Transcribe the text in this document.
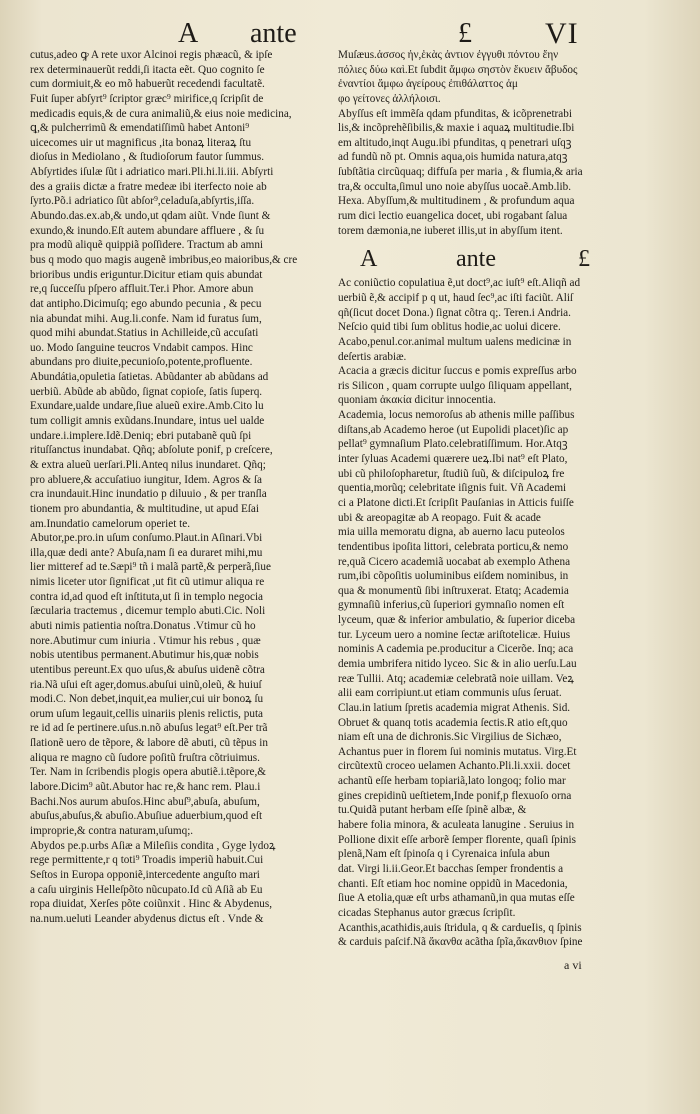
A ante	£ VI
cutus,adeo ꝙ A rete uxor Alcinoi regis phæacũ, & ipſe
rex determinauerũt reddi,ſi itacta eẽt. Quo cognito ſe
cum dormiuit,& eo mõ habuerũt recedendi facultatẽ.
Fuit ſuper abſyrt⁹ ſcriptor græc⁹ mirifice,q ſcripſit de
medicadis equis,& de cura animaliũ,& eius noie medicina,
ꝗ,& pulcherrimũ & emendatiſſimũ habet Antoni⁹
uicecomes uir ut magnificus ,ita bonaꝝ literaꝝ ſtu
dioſus in Mediolano , & ſtudioſorum fautor ſummus.
Abſyrtides iſulæ ſũt i adriatico mari.Pli.hi.li.iii. Abſyrti
des a graiis dictæ a fratre medeæ ibi iterfecto noie ab
ſyrto.Põ.i adriatico ſũt abſor⁹,celaduſa,abſyrtis,iſſa.
Abundo.das.ex.ab,& undo,ut qdam aiũt. Vnde ſiunt &
exundo,& inundo.Eſt autem abundare affluere , & ſu
pra modũ aliquẽ quippiã poſſidere. Tractum ab amni
bus q modo quo magis augenẽ imbribus,eo maioribus,& cre
brioribus undis eriguntur.Dicitur etiam quis abundat
re,q ſucceſſu pſpero affluit.Ter.i Phor. Amore abun
dat antipho.Dicimuſq; ego abundo pecunia , & pecu
nia abundat mihi. Aug.li.confe. Nam id furatus ſum,
quod mihi abundat.Statius in Achilleide,cũ accuſati
uo. Modo ſanguine teucros Vndabit campos. Hinc
abundans pro diuite,pecunioſo,potente,profluente.
Abundátia,opuletia ſatietas. Abũdanter ab abũdans ad
uerbiũ. Abũde ab abũdo, ſignat copioſe, ſatis ſuperq.
Exundare,ualde undare,ſiue alueũ exire.Amb.Cito lu
tum colligit amnis exũdans.Inundare, intus uel ualde
undare.i.implere.Idẽ.Deniq; ebri putabanẽ quũ ſpi
rituſſanctus inundabat. Qñq; abſolute ponif, p creſcere,
& extra alueũ uerſari.Pli.Anteq nilus inundaret. Qñq;
pro abluere,& accuſatiuo iungitur, Idem. Agros & ſa
cra inundauit.Hinc inundatio p diluuio , & per tranſla
tionem pro abundantia, & multitudine, ut apud Eſai
am.Inundatio camelorum operiet te.
Abutor,pe.pro.in uſum conſumo.Plaut.in Aſinari.Vbi
illa,quæ dedi ante? Abuſa,nam ſi ea duraret mihi,mu
lier mitteref ad te.Sæpi⁹ tñ i malã partẽ,& perperã,ſiue
nimis liceter utor ſignificat ,ut fit cũ utimur aliqua re
contra id,ad quod eſt inſtituta,ut ſi in templo negocia
ſæcularia tractemus , dicemur templo abuti.Cic. Noli
abuti nimis patientia noſtra.Donatus .Vtimur cũ ho
nore.Abutimur cum iniuria . Vtimur his rebus , quæ
nobis utentibus permanent.Abutimur his,quæ nobis
utentibus pereunt.Ex quo uſus,& abuſus uidenẽ cõtra
ria.Nã uſui eſt ager,domus.abuſui uinũ,oleũ, & huiuſ
modi.C. Non debet,inquit,ea mulier,cui uir bonoꝝ ſu
orum uſum legauit,cellis uinariis plenis relictis, puta
re id ad ſe pertinere.uſus.n.nõ abuſus legat⁹ eſt.Per trã
ſlationẽ uero de tẽpore, & labore dẽ abuti, cũ tẽpus in
aliqua re magno cũ ſudore poſitũ fruſtra cõtriuimus.
Ter. Nam in ſcribendis plogis opera abutiẽ.i.tẽpore,&
labore.Dicim⁹ aũt.Abutor hac re,& hanc rem. Plau.i
Bachi.Nos aurum abuſos.Hinc abuſ⁹,abuſa, abuſum,
abuſus,abuſus,& abuſio.Abuſiue aduerbium,quod eſt
improprie,& contra naturam,uſumq;.
Abydos pe.p.urbs Aſiæ a Mileſiis condita , Gyge lydoꝝ
rege permittente,r q toti⁹ Troadis imperiũ habuit.Cui
Seſtos in Europa opponiẽ,intercedente anguſto mari
a caſu uirginis Helleſpõto nũcupato.Id cũ Aſiã ab Eu
ropa diuidat, Xerſes põte coiũnxit . Hinc & Abydenus,
na.num.ueluti Leander abydenus dictus eſt . Vnde &
Muſæus.ἀσσος ἠν,ἑκὰς ἀντιον ἐγγυθι πόντου ἔην
πόλιες δύω καὶ.Et ſubdit ἄμφω σηστὸν ἔκυειν ἄβυδος
ἐναντίοι ἄμφω ἀγείρους ἐπιθάλαττος ἀμ
φο γείτονες ἀλλήλοισι.
Abyſſus eſt immẽſa qdam pfunditas, & icõprenetrabi
lis,& incõprehẽſibilis,& maxie i aquaꝝ multitudie.Ibi
em altitudo,inqt Augu.ibi pfunditas, q penetrari uſqꝫ
ad fundũ nõ pt. Omnis aqua,ois humida natura,atqꝫ
ſubſtãtia circũquaq; diffuſa per maria , & flumia,& aria
tra,& occulta,ſimul uno noie abyſſus uocaẽ.Amb.lib.
Hexa. Abyſſum,& multitudinem , & profundum aqua
rum dici lectio euangelica docet, ubi rogabant ſalua
torem dæmonia,ne iuberet illis,ut in abyſſum itent.
A	ante	£
Ac coniũctio copulatiua ẽ,ut doct⁹,ac iuſt⁹ eſt.Aliqñ ad
uerbiũ ẽ,& accipif p q ut, haud ſec⁹,ac iſti faciũt. Aliſ
qñ(ſicut docet Dona.) ſignat cõtra q;. Teren.i Andria.
Neſcio quid tibi ſum oblitus hodie,ac uolui dicere.
Acabo,penul.cor.animal multum ualens medicinæ in
deſertis arabiæ.
Acacia a græcis dicitur ſuccus e pomis expreſſus arbo
ris Silicon , quam corrupte uulgo ſiliquam appellant,
quoniam ἀκακία dicitur innocentia.
Academia, locus nemoroſus ab athenis mille paſſibus
diſtans,ab Academo heroe (ut Eupolidi placet)ſic ap
pellat⁹ gymnaſium Plato.celebratiſſimum. Hor.Atqꝫ
inter ſyluas Academi quærere ueꝝ.Ibi nat⁹ eſt Plato,
ubi cũ philoſopharetur, ſtudiũ ſuũ, & diſcipuloꝝ fre
quentia,morũq; celebritate iſignis fuit. Vñ Academi
ci a Platone dicti.Et ſcripſit Pauſanias in Atticis fuiſſe
ubi & areopagitæ ab A reopago. Fuit & acade
mia uilla memoratu digna, ab auerno lacu puteolos
tendentibus ipoſita littori, celebrata porticu,& nemo
re,quã Cicero academiã uocabat ab exemplo Athena
rum,ibi cõpoſitis uoluminibus eiſdem nominibus, in
qua & monumentũ ſibi inſtruxerat. Etatq; Academia
gymnaſiũ inferius,cũ ſuperiori gymnaſio nomen eſt
lyceum, quæ & inferior ambulatio, & ſuperior diceba
tur. Lyceum uero a nomine ſectæ ariſtotelicæ. Huius
nominis A cademia pe.producitur a Cicerõe. Inq; aca
demia umbrifera nitido lyceo. Sic & in alio uerſu.Lau
reæ Tullii. Atq; academiæ celebratã noie uillam. Veꝝ
alii eam corripiunt.ut etiam communis uſus ſeruat.
Clau.in latium ſpretis academia migrat Athenis. Sid.
Obruet & quanq totis academia ſectis.R atio eſt,quo
niam eſt una de dichronis.Sic Virgilius de Sichæo,
Achantus puer in florem ſui nominis mutatus. Virg.Et
circũtextũ croceo uelamen Achanto.Pli.li.xxii. docet
achantũ eſſe herbam topiariã,lato longoq; folio mar
gines crepidinũ ueſtietem,Inde ponif,p flexuoſo orna
tu.Quidã putant herbam eſſe ſpinẽ albæ, &
habere folia minora, & aculeata lanugine . Seruius in
Pollione dixit eſſe arborẽ ſemper florente, quaſi ſpinis
plenã,Nam eſt ſpinoſa q i Cyrenaica inſula abun
dat. Virgi li.ii.Geor.Et bacchas ſemper frondentis a
chanti. Eſt etiam hoc nomine oppidũ in Macedonia,
ſiue A etolia,quæ eſt urbs athamanũ,in qua mutas eſſe
cicadas Stephanus autor græcus ſcripſit.
Acanthis,acathidis,auis ſtridula, q & cardueIis, q ſpinis
& carduis paſcif.Nã ἄκανθα acãtha ſpĩa,ἄκανθιον ſpine
a vi
